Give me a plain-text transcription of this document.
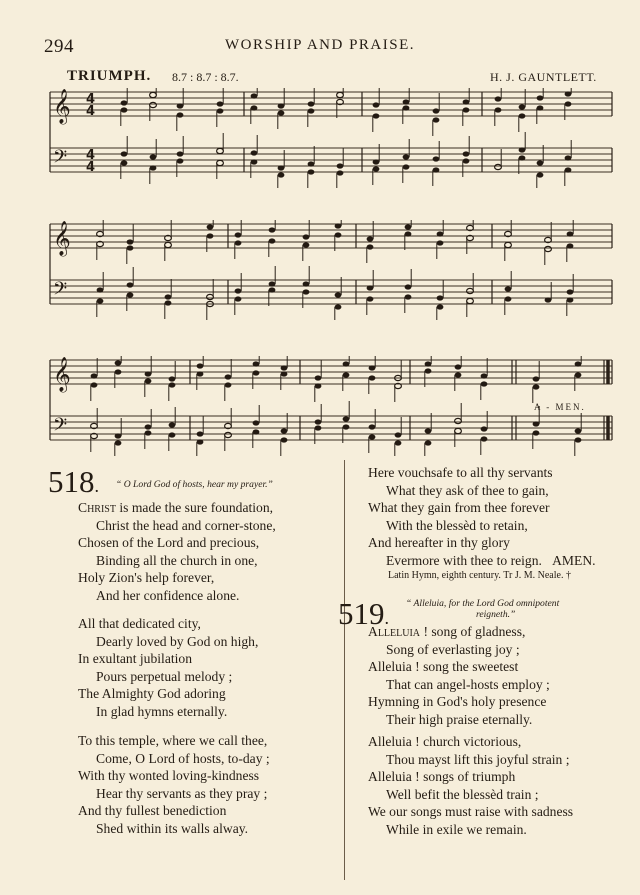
294	WORSHIP AND PRAISE.
TRIUMPH. 8.7 : 8.7 : 8.7.	H. J. GAUNTLETT.
𝄞
𝄢
4
4
4
4
𝄞
𝄢
𝄞
𝄢
A - MEN.
518. “ O Lord God of hosts, hear my prayer.”
Christ is made the sure foundation,
Christ the head and corner-stone,
Chosen of the Lord and precious,
Binding all the church in one,
Holy Zion's help forever,
And her confidence alone.
All that dedicated city,
Dearly loved by God on high,
In exultant jubilation
Pours perpetual melody ;
The Almighty God adoring
In glad hymns eternally.
To this temple, where we call thee,
Come, O Lord of hosts, to-day ;
With thy wonted loving-kindness
Hear thy servants as they pray ;
And thy fullest benediction
Shed within its walls alway.
Here vouchsafe to all thy servants
What they ask of thee to gain,
What they gain from thee forever
With the blessèd to retain,
And hereafter in thy glory
Evermore with thee to reign. AMEN.
Latin Hymn, eighth century. Tr J. M. Neale. †
519.
“ Alleluia, for the Lord God omnipotent
reigneth.”
Alleluia ! song of gladness,
Song of everlasting joy ;
Alleluia ! song the sweetest
That can angel-hosts employ ;
Hymning in God's holy presence
Their high praise eternally.
Alleluia ! church victorious,
Thou mayst lift this joyful strain ;
Alleluia ! songs of triumph
Well befit the blessèd train ;
We our songs must raise with sadness
While in exile we remain.
